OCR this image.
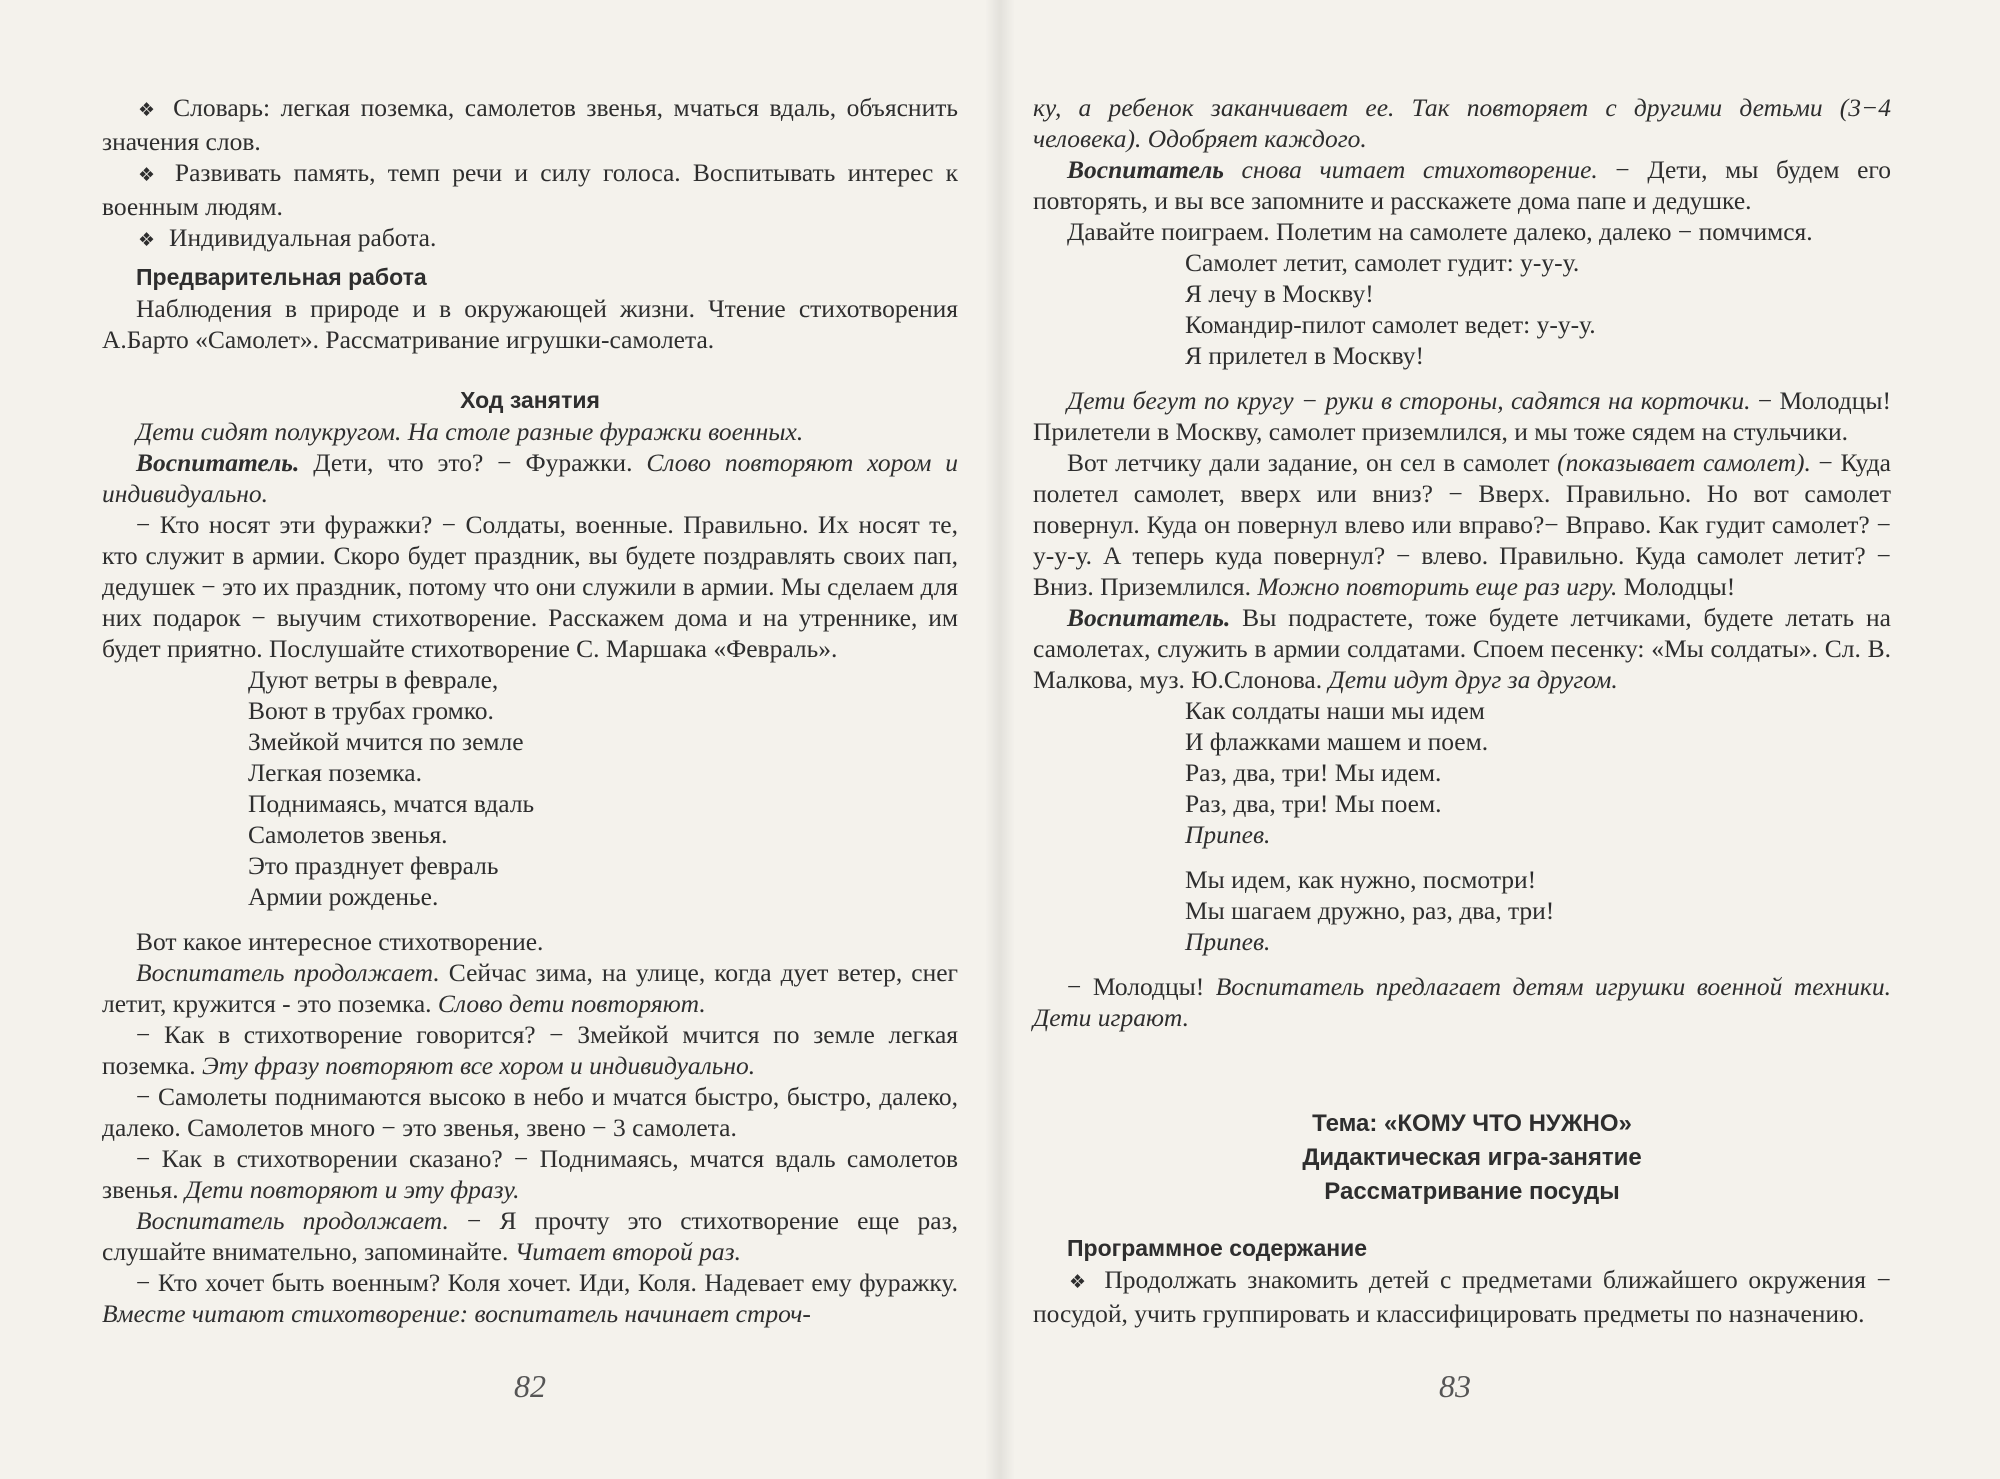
❖ Словарь: легкая поземка, самолетов звенья, мчаться вдаль, объяснить значения слов.

❖ Развивать память, темп речи и силу голоса. Воспитывать интерес к военным людям.

❖ Индивидуальная работа.

Предварительная работа

Наблюдения в природе и в окружающей жизни. Чтение стихотворения А.Барто «Самолет». Рассматривание игрушки-самолета.

Ход занятия

Дети сидят полукругом. На столе разные фуражки военных.

Воспитатель. Дети, что это? − Фуражки. Слово повторяют хором и индивидуально.

− Кто носят эти фуражки? − Солдаты, военные. Правильно. Их носят те, кто служит в армии. Скоро будет праздник, вы будете поздравлять своих пап, дедушек − это их праздник, потому что они служили в армии. Мы сделаем для них подарок − выучим стихотворение. Расскажем дома и на утреннике, им будет приятно. Послушайте стихотворение С. Маршака «Февраль».

Дуют ветры в феврале,

Воют в трубах громко.

Змейкой мчится по земле

Легкая поземка.

Поднимаясь, мчатся вдаль

Самолетов звенья.

Это празднует февраль

Армии рожденье.

Вот какое интересное стихотворение.

Воспитатель продолжает. Сейчас зима, на улице, когда дует ветер, снег летит, кружится - это поземка. Слово дети повторяют.

− Как в стихотворение говорится? − Змейкой мчится по земле легкая поземка. Эту фразу повторяют все хором и индивидуально.

− Самолеты поднимаются высоко в небо и мчатся быстро, быстро, далеко, далеко. Самолетов много − это звенья, звено − 3 самолета.

− Как в стихотворении сказано? − Поднимаясь, мчатся вдаль самолетов звенья. Дети повторяют и эту фразу.

Воспитатель продолжает. − Я прочту это стихотворение еще раз, слушайте внимательно, запоминайте. Читает второй раз.

− Кто хочет быть военным? Коля хочет. Иди, Коля. Надевает ему фуражку. Вместе читают стихотворение: воспитатель начинает строч-

82

ку, а ребенок заканчивает ее. Так повторяет с другими детьми (3−4 человека). Одобряет каждого.

Воспитатель снова читает стихотворение. − Дети, мы будем его повторять, и вы все запомните и расскажете дома папе и дедушке.

Давайте поиграем. Полетим на самолете далеко, далеко − помчимся.

Самолет летит, самолет гудит: у-у-у.

Я лечу в Москву!

Командир-пилот самолет ведет: у-у-у.

Я прилетел в Москву!

Дети бегут по кругу − руки в стороны, садятся на корточки. − Молодцы! Прилетели в Москву, самолет приземлился, и мы тоже сядем на стульчики.

Вот летчику дали задание, он сел в самолет (показывает самолет). − Куда полетел самолет, вверх или вниз? − Вверх. Правильно. Но вот самолет повернул. Куда он повернул влево или вправо?− Вправо. Как гудит самолет? − у-у-у. А теперь куда повернул? − влево. Правильно. Куда самолет летит? − Вниз. Приземлился. Можно повторить еще раз игру. Молодцы!

Воспитатель. Вы подрастете, тоже будете летчиками, будете летать на самолетах, служить в армии солдатами. Споем песенку: «Мы солдаты». Сл. В. Малкова, муз. Ю.Слонова. Дети идут друг за другом.

Как солдаты наши мы идем

И флажками машем и поем.

Раз, два, три! Мы идем.

Раз, два, три! Мы поем.

Припев.

Мы идем, как нужно, посмотри!

Мы шагаем дружно, раз, два, три!

Припев.

− Молодцы! Воспитатель предлагает детям игрушки военной техники. Дети играют.

Тема: «КОМУ ЧТО НУЖНО»

Дидактическая игра-занятие

Рассматривание посуды

Программное содержание

❖ Продолжать знакомить детей с предметами ближайшего окружения − посудой, учить группировать и классифицировать предметы по назначению.

83
